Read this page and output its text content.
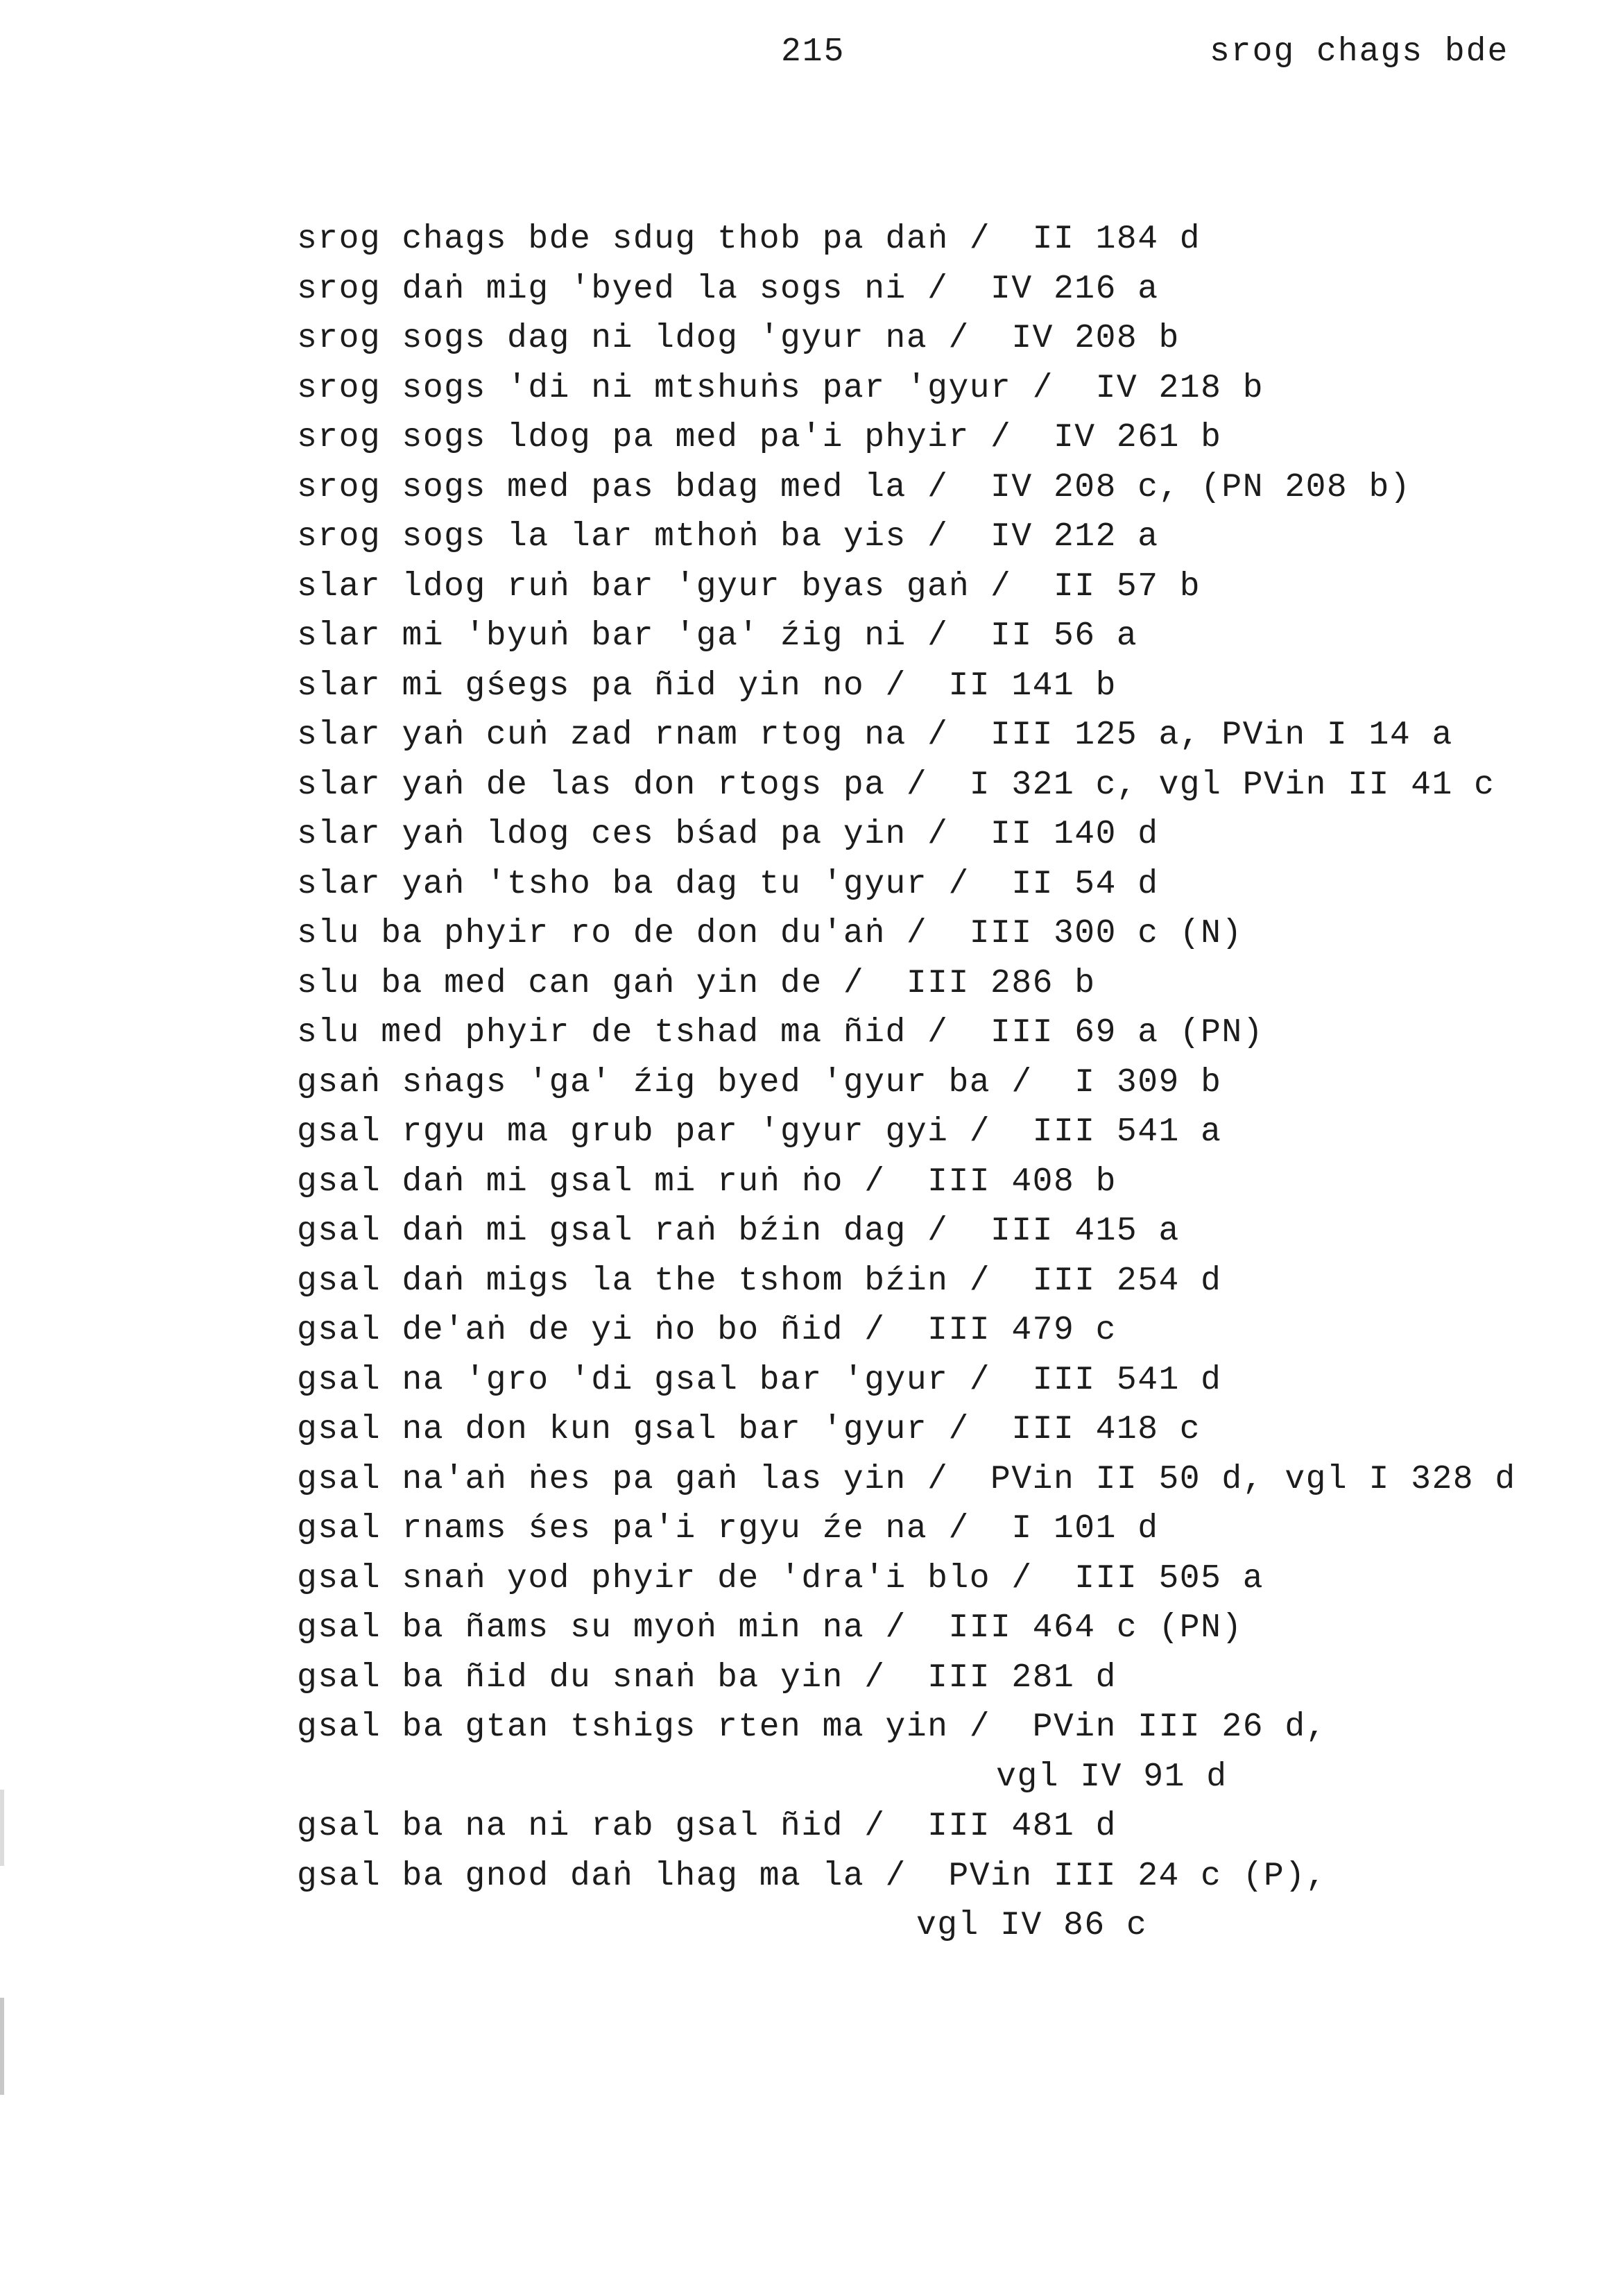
215	srog chags bde
srog chags bde sdug thob pa daṅ /  II 184 d
srog daṅ mig 'byed la sogs ni /  IV 216 a
srog sogs dag ni ldog 'gyur na /  IV 208 b
srog sogs 'di ni mtshuṅs par 'gyur /  IV 218 b
srog sogs ldog pa med pa'i phyir /  IV 261 b
srog sogs med pas bdag med la /  IV 208 c, (PN 208 b)
srog sogs la lar mthoṅ ba yis /  IV 212 a
slar ldog ruṅ bar 'gyur byas gaṅ /  II 57 b
slar mi 'byuṅ bar 'ga' źig ni /  II 56 a
slar mi gśegs pa ñid yin no /  II 141 b
slar yaṅ cuṅ zad rnam rtog na /  III 125 a, PVin I 14 a
slar yaṅ de las don rtogs pa /  I 321 c, vgl PVin II 41 c
slar yaṅ ldog ces bśad pa yin /  II 140 d
slar yaṅ 'tsho ba dag tu 'gyur /  II 54 d
slu ba phyir ro de don du'aṅ /  III 300 c (N)
slu ba med can gaṅ yin de /  III 286 b
slu med phyir de tshad ma ñid /  III 69 a (PN)
gsaṅ sṅags 'ga' źig byed 'gyur ba /  I 309 b
gsal rgyu ma grub par 'gyur gyi /  III 541 a
gsal daṅ mi gsal mi ruṅ ṅo /  III 408 b
gsal daṅ mi gsal raṅ bźin dag /  III 415 a
gsal daṅ migs la the tshom bźin /  III 254 d
gsal de'aṅ de yi ṅo bo ñid /  III 479 c
gsal na 'gro 'di gsal bar 'gyur /  III 541 d
gsal na don kun gsal bar 'gyur /  III 418 c
gsal na'aṅ ṅes pa gaṅ las yin /  PVin II 50 d, vgl I 328 d
gsal rnams śes pa'i rgyu źe na /  I 101 d
gsal snaṅ yod phyir de 'dra'i blo /  III 505 a
gsal ba ñams su myoṅ min na /  III 464 c (PN)
gsal ba ñid du snaṅ ba yin /  III 281 d
gsal ba gtan tshigs rten ma yin /  PVin III 26 d,
vgl IV 91 d
gsal ba na ni rab gsal ñid /  III 481 d
gsal ba gnod daṅ lhag ma la /  PVin III 24 c (P),
vgl IV 86 c
